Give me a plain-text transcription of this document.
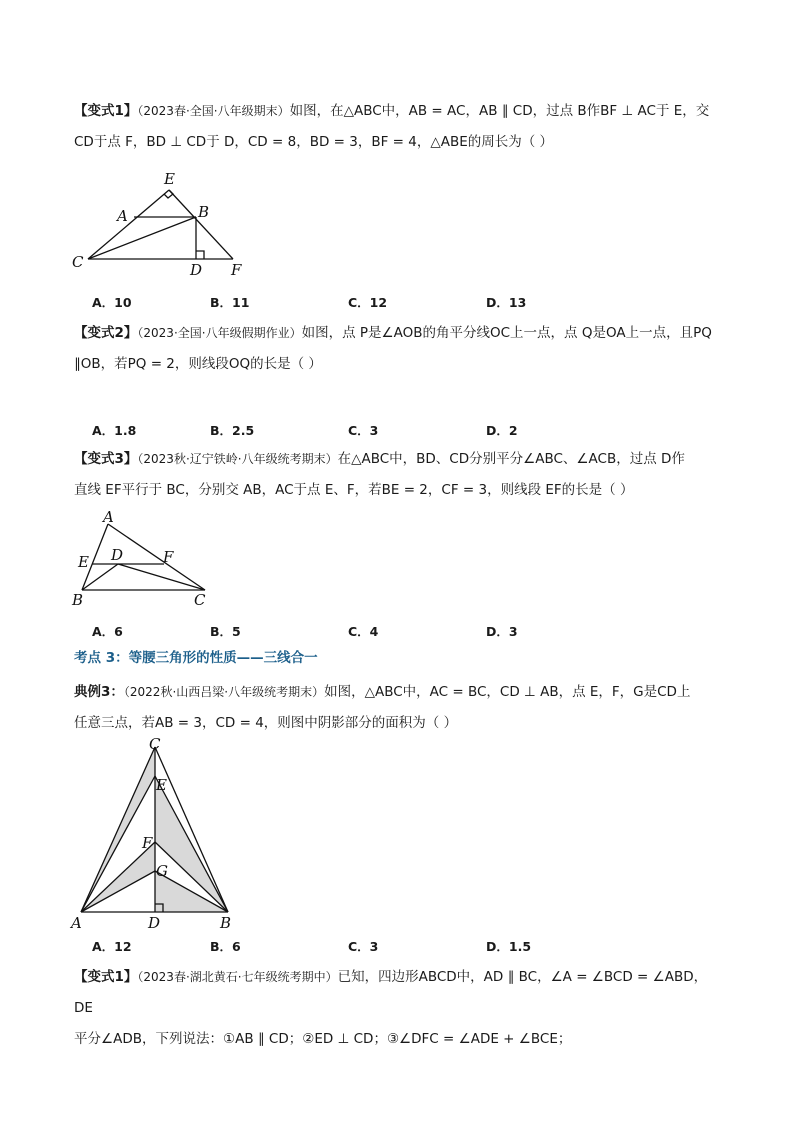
【变式1】（2023春·全国·八年级期末）如图，在△ABC中，AB = AC，AB ∥ CD，过点 B作BF ⊥ AC于 E，交
CD于点 F，BD ⊥ CD于 D，CD = 8，BD = 3，BF = 4，△ABE的周长为（ ）
E
A	B
C	D F
A．10	B．11	C．12	D．13
【变式2】（2023·全国·八年级假期作业）如图，点 P是∠AOB的角平分线OC上一点，点 Q是OA上一点，且PQ
∥OB，若PQ = 2，则线段OQ的长是（ ）
A．1.8	B．2.5	C．3	D．2
【变式3】（2023秋·辽宁铁岭·八年级统考期末）在△ABC中，BD、CD分别平分∠ABC、∠ACB，过点 D作
直线 EF平行于 BC，分别交 AB，AC于点 E、F，若BE = 2，CF = 3，则线段 EF的长是（ ）
A
D	F
E
B	C
A．6	B．5	C．4	D．3
考点 3：等腰三角形的性质——三线合一
典例3：（2022秋·山西吕梁·八年级统考期末）如图，△ABC中，AC = BC，CD ⊥ AB，点 E，F，G是CD上
任意三点，若AB = 3，CD = 4，则图中阴影部分的面积为（ ）
C
E
F
G
A	D	B
A．12	B．6	C．3	D．1.5
【变式1】（2023春·湖北黄石·七年级统考期中）已知，四边形ABCD中，AD ∥ BC，∠A = ∠BCD = ∠ABD，DE
平分∠ADB，下列说法：①AB ∥ CD；②ED ⊥ CD；③∠DFC = ∠ADE + ∠BCE；
